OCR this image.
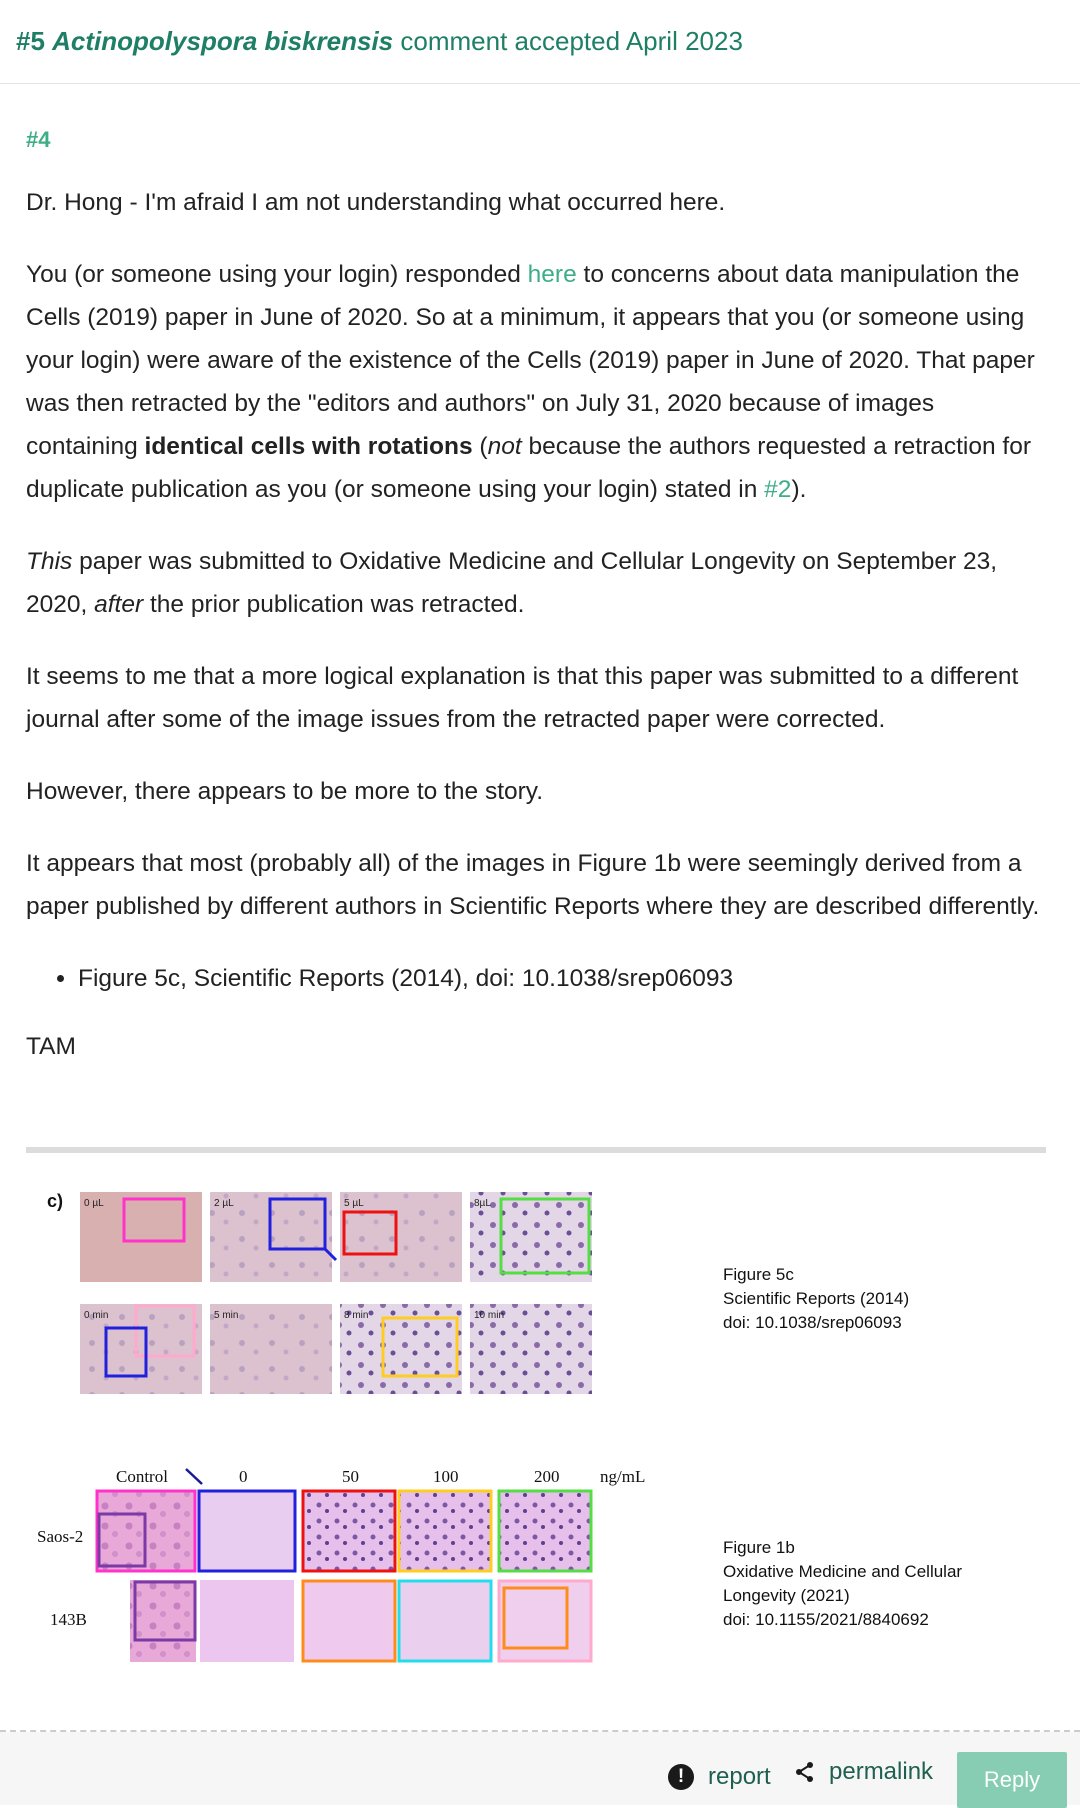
#5 Actinopolyspora biskrensis comment accepted April 2023
#4

Dr. Hong - I'm afraid I am not understanding what occurred here.

You (or someone using your login) responded here to concerns about data manipulation the Cells (2019) paper in June of 2020. So at a minimum, it appears that you (or someone using your login) were aware of the existence of the Cells (2019) paper in June of 2020. That paper was then retracted by the "editors and authors" on July 31, 2020 because of images containing identical cells with rotations (not because the authors requested a retraction for duplicate publication as you (or someone using your login) stated in #2).

This paper was submitted to Oxidative Medicine and Cellular Longevity on September 23, 2020, after the prior publication was retracted.

It seems to me that a more logical explanation is that this paper was submitted to a different journal after some of the image issues from the retracted paper were corrected.

However, there appears to be more to the story.

It appears that most (probably all) of the images in Figure 1b were seemingly derived from a paper published by different authors in Scientific Reports where they are described differently.

• Figure 5c, Scientific Reports (2014), doi: 10.1038/srep06093

TAM

c) 0 µL	2 µL	5 µL	8µL
0 min	5 min	8 min	10 min
Figure 5c
Scientific Reports (2014)
doi: 10.1038/srep06093
Control	0	50	100	200 ng/mL
Saos-2
143B
Figure 1b
Oxidative Medicine and Cellular
Longevity (2021)
doi: 10.1155/2021/8840692
! report permalink	Reply
